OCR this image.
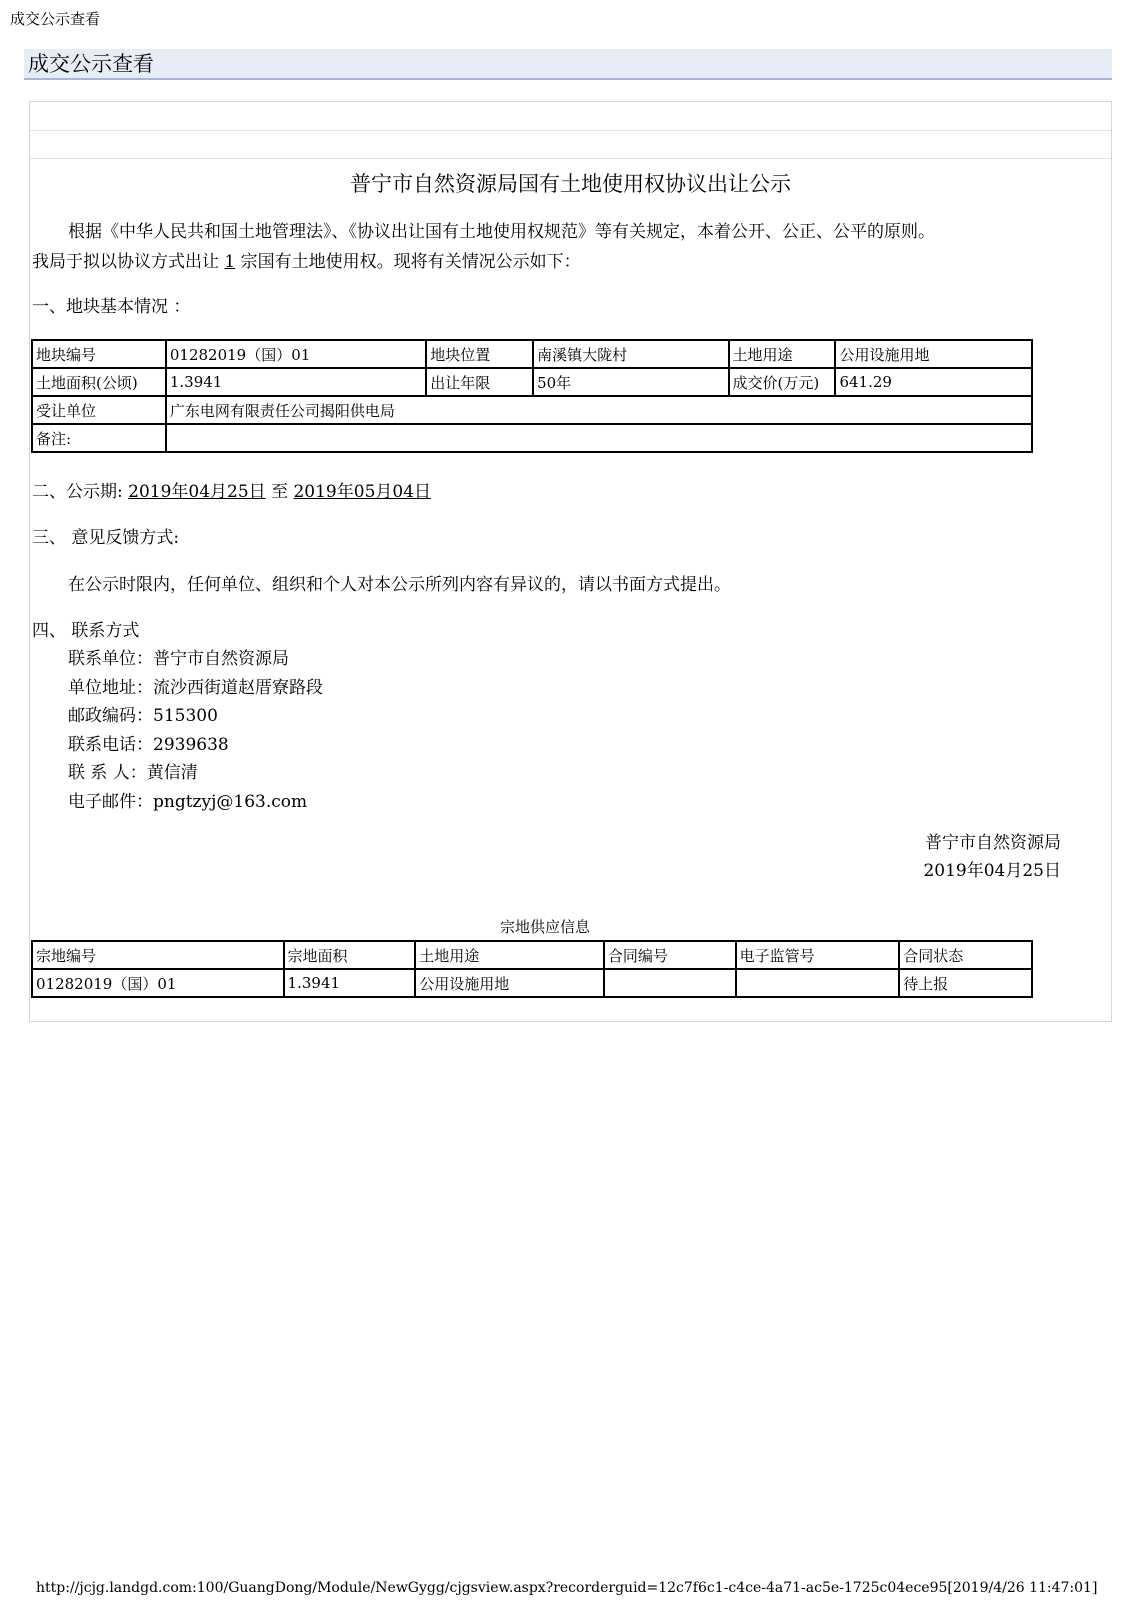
成交公示查看
成交公示查看
普宁市自然资源局国有土地使用权协议出让公示
根据《中华人民共和国土地管理法》、《协议出让国有土地使用权规范》等有关规定，本着公开、公正、公平的原则。
我局于拟以协议方式出让 1 宗国有土地使用权。现将有关情况公示如下：
一、地块基本情况 ：
地块编号	01282019（国）01	地块位置	南溪镇大陇村	土地用途	公用设施用地
土地面积(公顷)	1.3941	出让年限	50年	成交价(万元)	641.29
受让单位	广东电网有限责任公司揭阳供电局				
备注:					
二、公示期: 2019年04月25日 至 2019年05月04日
三、 意见反馈方式:
在公示时限内，任何单位、组织和个人对本公示所列内容有异议的，请以书面方式提出。
四、 联系方式
联系单位：普宁市自然资源局
单位地址：流沙西街道赵厝寮路段
邮政编码：515300
联系电话：2939638
联 系 人：黄信清
电子邮件：pngtzyj@163.com
普宁市自然资源局
2019年04月25日
宗地供应信息
宗地编号	宗地面积	土地用途	合同编号	电子监管号	合同状态
01282019（国）01	1.3941	公用设施用地			待上报
http://jcjg.landgd.com:100/GuangDong/Module/NewGygg/cjgsview.aspx?recorderguid=12c7f6c1-c4ce-4a71-ac5e-1725c04ece95[2019/4/26 11:47:01]
